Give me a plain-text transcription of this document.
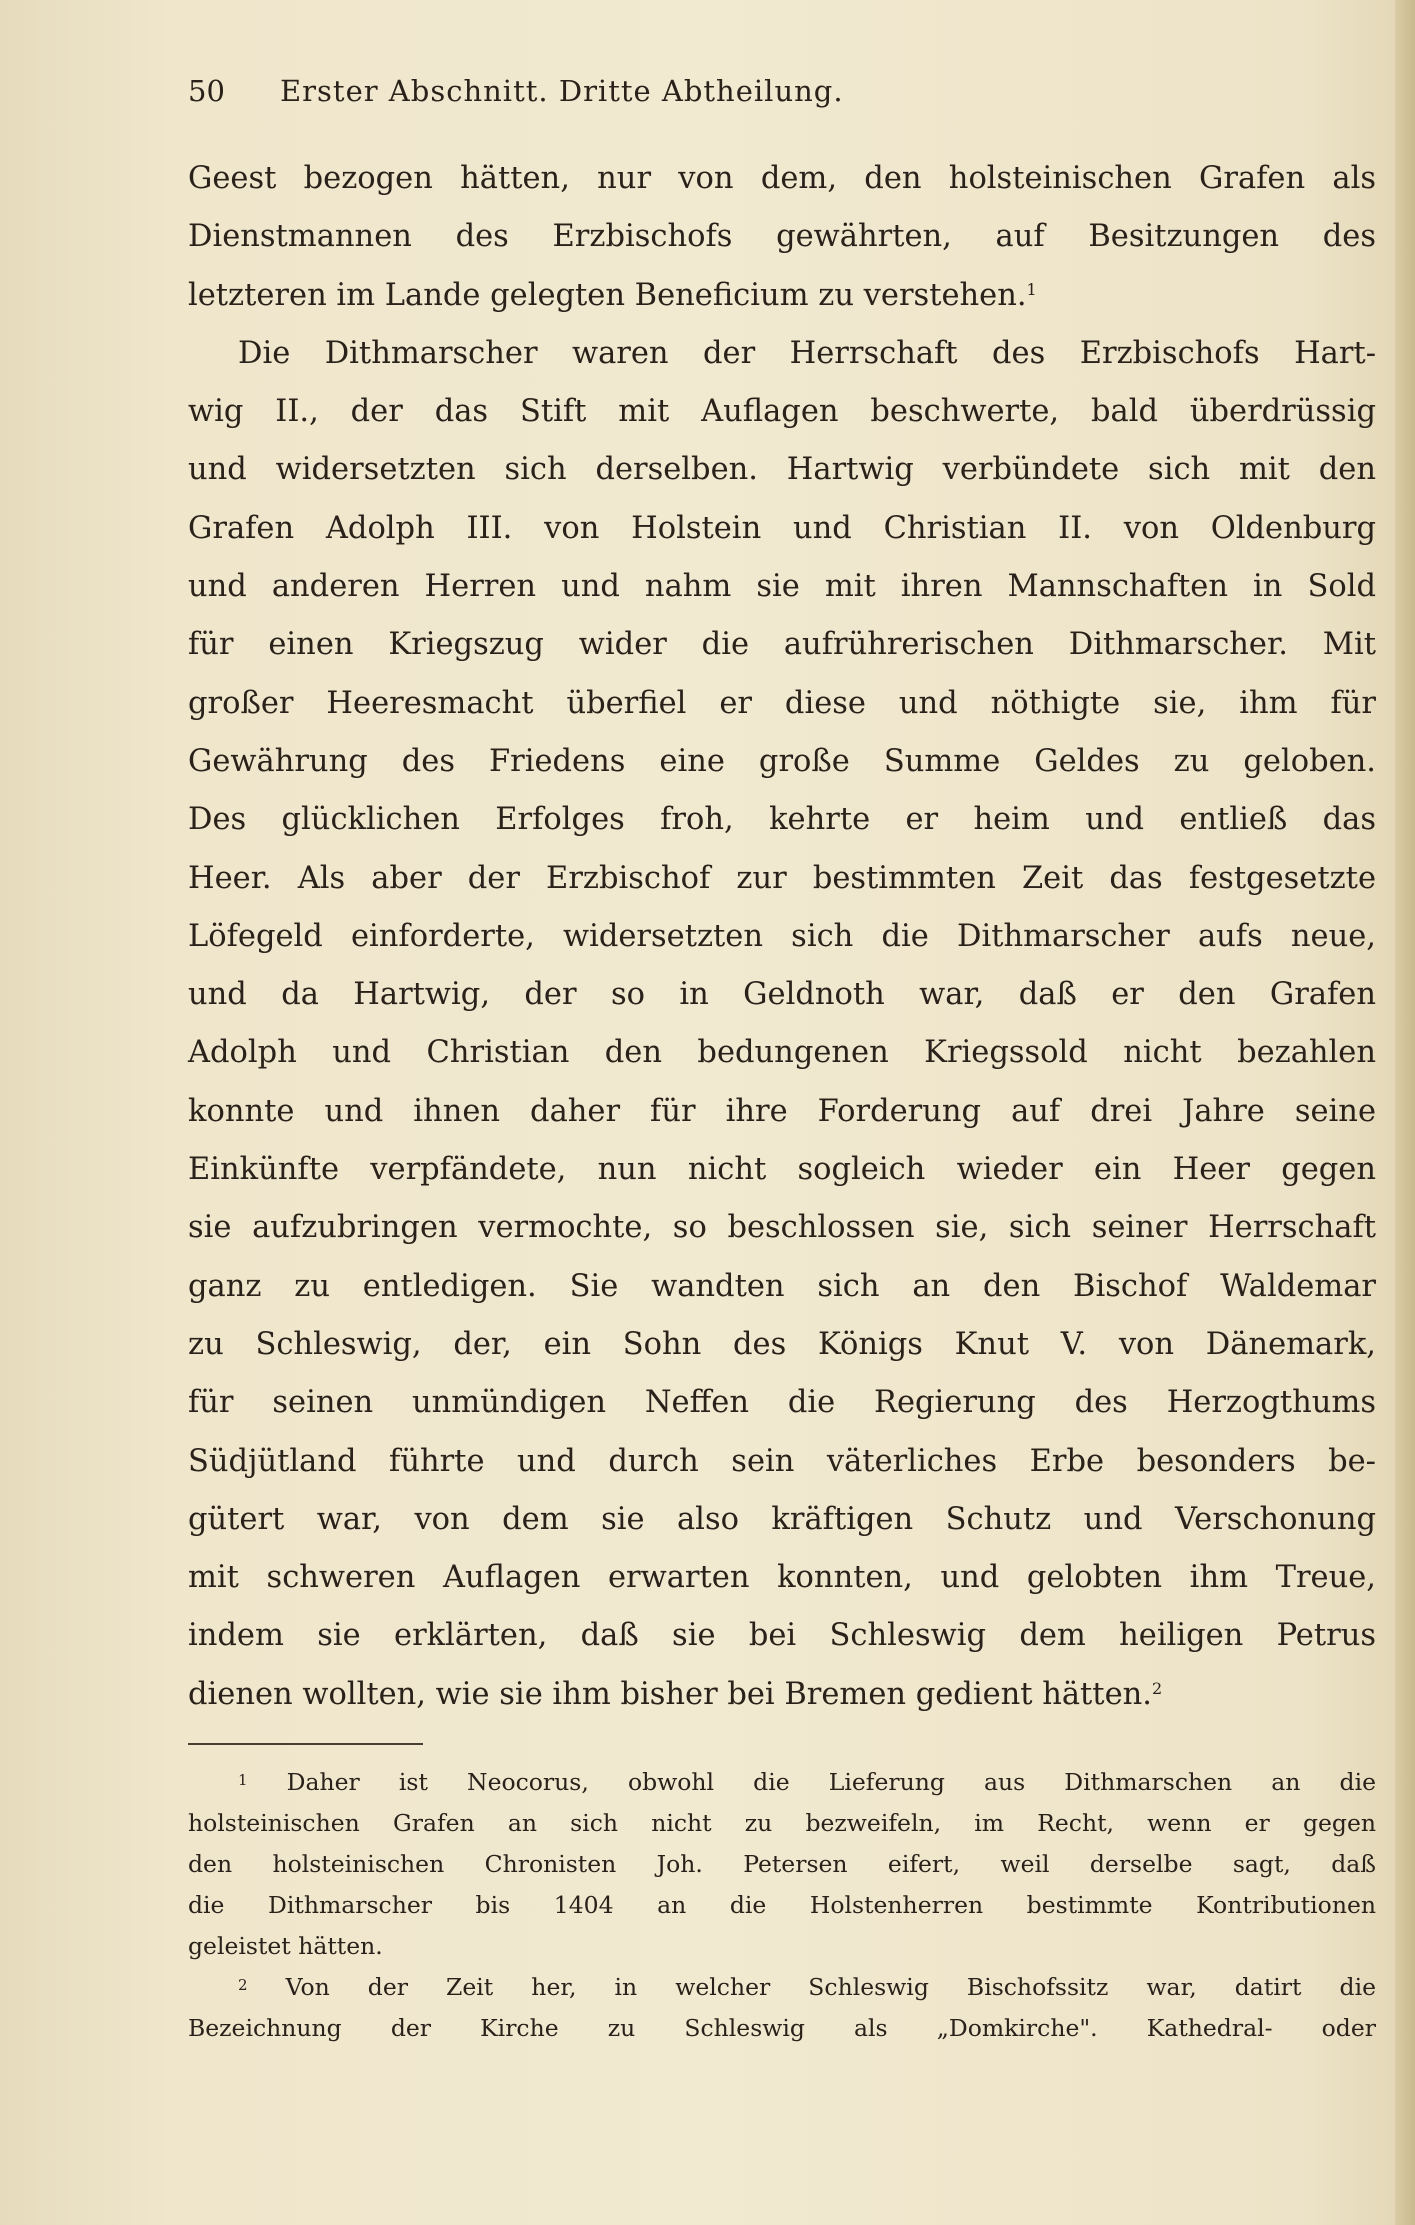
50 Erster Abschnitt. Dritte Abtheilung.
Geest bezogen hätten, nur von dem, den holsteinischen Grafen als
Dienstmannen des Erzbischofs gewährten, auf Besitzungen des
letzteren im Lande gelegten Beneficium zu verstehen.$^1$
Die Dithmarscher waren der Herrschaft des Erzbischofs Hart-
wig II., der das Stift mit Auflagen beschwerte, bald überdrüssig
und widersetzten sich derselben. Hartwig verbündete sich mit den
Grafen Adolph III. von Holstein und Christian II. von Oldenburg
und anderen Herren und nahm sie mit ihren Mannschaften in Sold
für einen Kriegszug wider die aufrührerischen Dithmarscher. Mit
großer Heeresmacht überfiel er diese und nöthigte sie, ihm für
Gewährung des Friedens eine große Summe Geldes zu geloben.
Des glücklichen Erfolges froh, kehrte er heim und entließ das
Heer. Als aber der Erzbischof zur bestimmten Zeit das festgesetzte
Löfegeld einforderte, widersetzten sich die Dithmarscher aufs neue,
und da Hartwig, der so in Geldnoth war, daß er den Grafen
Adolph und Christian den bedungenen Kriegssold nicht bezahlen
konnte und ihnen daher für ihre Forderung auf drei Jahre seine
Einkünfte verpfändete, nun nicht sogleich wieder ein Heer gegen
sie aufzubringen vermochte, so beschlossen sie, sich seiner Herrschaft
ganz zu entledigen. Sie wandten sich an den Bischof Waldemar
zu Schleswig, der, ein Sohn des Königs Knut V. von Dänemark,
für seinen unmündigen Neffen die Regierung des Herzogthums
Südjütland führte und durch sein väterliches Erbe besonders be-
gütert war, von dem sie also kräftigen Schutz und Verschonung
mit schweren Auflagen erwarten konnten, und gelobten ihm Treue,
indem sie erklärten, daß sie bei Schleswig dem heiligen Petrus
dienen wollten, wie sie ihm bisher bei Bremen gedient hätten.$^2$
$^1$ Daher ist Neocorus, obwohl die Lieferung aus Dithmarschen an die
holsteinischen Grafen an sich nicht zu bezweifeln, im Recht, wenn er gegen
den holsteinischen Chronisten Joh. Petersen eifert, weil derselbe sagt, daß
die Dithmarscher bis 1404 an die Holstenherren bestimmte Kontributionen
geleistet hätten.
$^2$ Von der Zeit her, in welcher Schleswig Bischofssitz war, datirt die
Bezeichnung der Kirche zu Schleswig als „Domkirche". Kathedral- oder
